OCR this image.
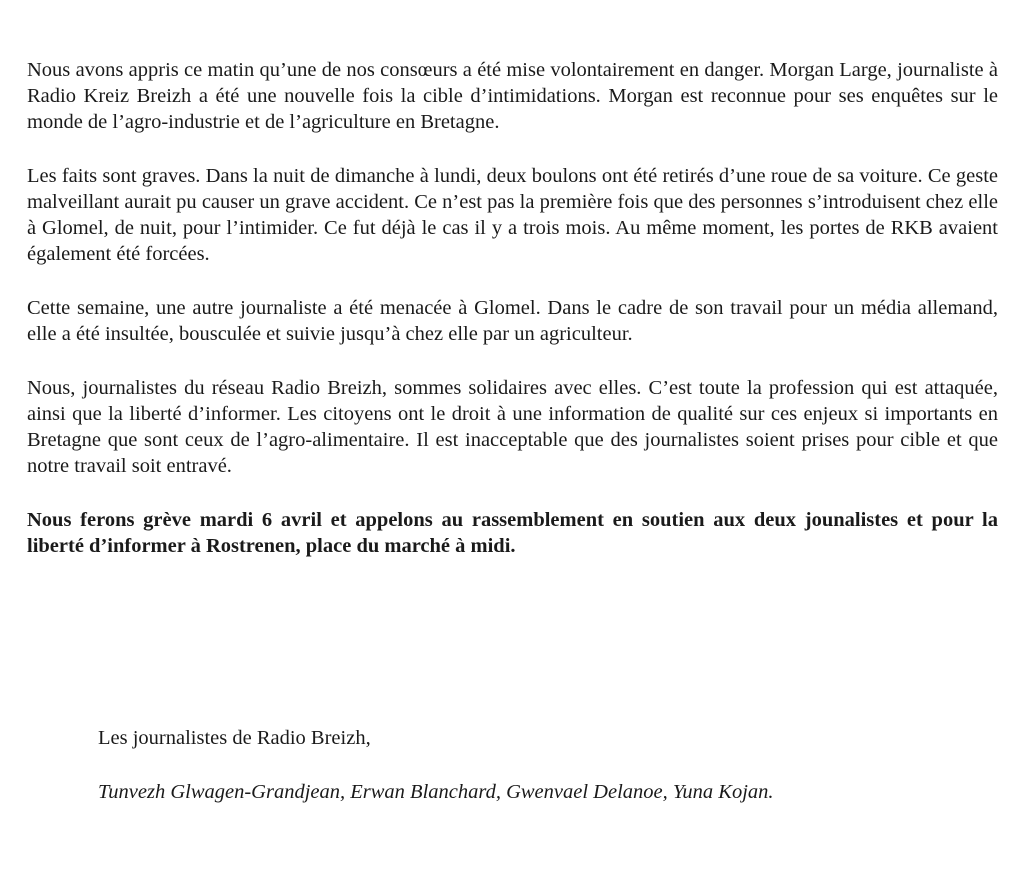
Nous avons appris ce matin qu’une de nos consœurs a été mise volontairement en danger. Morgan Large, journaliste à Radio Kreiz Breizh a été une nouvelle fois la cible d’intimidations. Morgan est reconnue pour ses enquêtes sur le monde de l’agro-industrie et de l’agriculture en Bretagne.

Les faits sont graves. Dans la nuit de dimanche à lundi, deux boulons ont été retirés d’une roue de sa voiture. Ce geste malveillant aurait pu causer un grave accident. Ce n’est pas la première fois que des personnes s’introduisent chez elle à Glomel, de nuit, pour l’intimider. Ce fut déjà le cas il y a trois mois. Au même moment, les portes de RKB avaient également été forcées.

Cette semaine, une autre journaliste a été menacée à Glomel. Dans le cadre de son travail pour un média allemand, elle a été insultée, bousculée et suivie jusqu’à chez elle par un agriculteur.

Nous, journalistes du réseau Radio Breizh, sommes solidaires avec elles. C’est toute la profession qui est attaquée, ainsi que la liberté d’informer. Les citoyens ont le droit à une information de qualité sur ces enjeux si importants en Bretagne que sont ceux de l’agro-alimentaire. Il est inacceptable que des journalistes soient prises pour cible et que notre travail soit entravé.

Nous ferons grève mardi 6 avril et appelons au rassemblement en soutien aux deux jounalistes et pour la liberté d’informer à Rostrenen, place du marché à midi.

Les journalistes de Radio Breizh,

Tunvezh Glwagen-Grandjean, Erwan Blanchard, Gwenvael Delanoe, Yuna Kojan.
